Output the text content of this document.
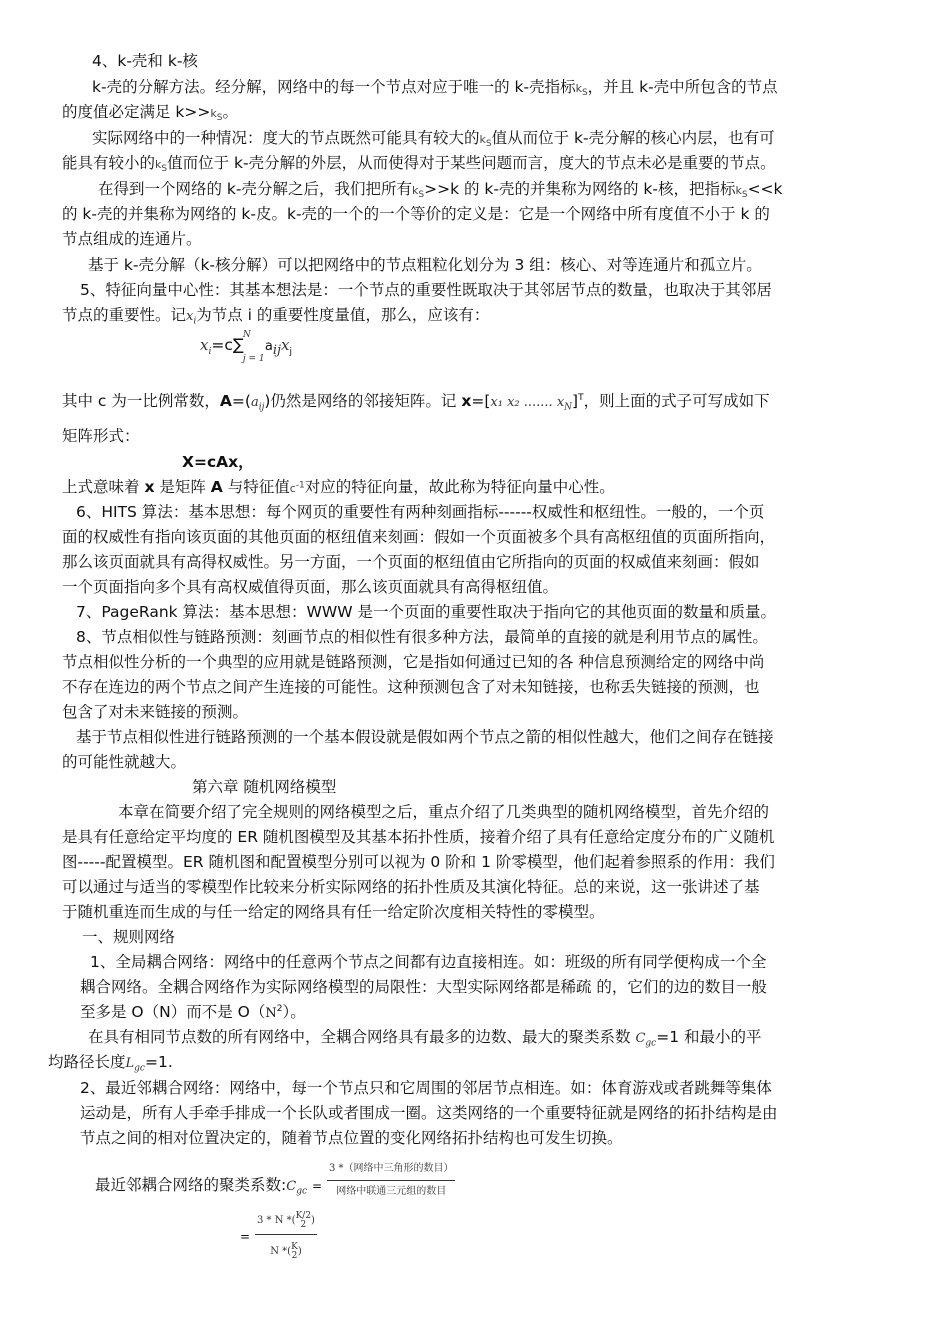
4、k-壳和 k-核
k-壳的分解方法。经分解，网络中的每一个节点对应于唯一的 k-壳指标$k_S$，并且 k-壳中所包含的节点
的度值必定满足 $k>>k_S$。
实际网络中的一种情况：度大的节点既然可能具有较大的$k_S$值从而位于 k-壳分解的核心内层，也有可
能具有较小的$k_S$值而位于 k-壳分解的外层，从而使得对于某些问题而言，度大的节点未必是重要的节点。
在得到一个网络的 k-壳分解之后，我们把所有$k_S>>k$ 的 k-壳的并集称为网络的 k-核，把指标$k_S<<k$
的 k-壳的并集称为网络的 k-皮。k-壳的一个的一个等价的定义是：它是一个网络中所有度值不小于 k 的
节点组成的连通片。
基于 k-壳分解（k-核分解）可以把网络中的节点粗粒化划分为 3 组：核心、对等连通片和孤立片。
5、特征向量中心性：其基本想法是：一个节点的重要性既取决于其邻居节点的数量，也取决于其邻居
节点的重要性。记$x_i$为节点 i 的重要性度量值，那么，应该有：
$x_i=c\sum$ N
j = 1
$a_{ij}x_j$
其中 c 为一比例常数，$A=(a_{ij})$仍然是网络的邻接矩阵。记 x=[x₁ x₂ ....... $x_N]^T$，则上面的式子可写成如下
矩阵形式：
X=cAx，
上式意味着 x 是矩阵 A 与特征值$c^{-1}$对应的特征向量，故此称为特征向量中心性。
6、HITS 算法：基本思想：每个网页的重要性有两种刻画指标------权威性和枢纽性。一般的，一个页
面的权威性有指向该页面的其他页面的枢纽值来刻画：假如一个页面被多个具有高枢纽值的页面所指向，
那么该页面就具有高得权威性。另一方面，一个页面的枢纽值由它所指向的页面的权威值来刻画：假如
一个页面指向多个具有高权威值得页面，那么该页面就具有高得枢纽值。
7、PageRank 算法：基本思想：WWW 是一个页面的重要性取决于指向它的其他页面的数量和质量。
8、节点相似性与链路预测：刻画节点的相似性有很多种方法，最简单的直接的就是利用节点的属性。
节点相似性分析的一个典型的应用就是链路预测，它是指如何通过已知的各 种信息预测给定的网络中尚
不存在连边的两个节点之间产生连接的可能性。这种预测包含了对未知链接，也称丢失链接的预测，也
包含了对未来链接的预测。
基于节点相似性进行链路预测的一个基本假设就是假如两个节点之箭的相似性越大，他们之间存在链接
的可能性就越大。
第六章 随机网络模型
本章在简要介绍了完全规则的网络模型之后，重点介绍了几类典型的随机网络模型，首先介绍的
是具有任意给定平均度的 ER 随机图模型及其基本拓扑性质，接着介绍了具有任意给定度分布的广义随机
图-----配置模型。ER 随机图和配置模型分别可以视为 0 阶和 1 阶零模型，他们起着参照系的作用：我们
可以通过与适当的零模型作比较来分析实际网络的拓扑性质及其演化特征。总的来说，这一张讲述了基
于随机重连而生成的与任一给定的网络具有任一给定阶次度相关特性的零模型。
一、规则网络
1、全局耦合网络：网络中的任意两个节点之间都有边直接相连。如：班级的所有同学便构成一个全
耦合网络。全耦合网络作为实际网络模型的局限性：大型实际网络都是稀疏 的，它们的边的数目一般
至多是 O（N）而不是 $O(N^2)$。
在具有相同节点数的所有网络中，全耦合网络具有最多的边数、最大的聚类系数 $C_{gc}=1$ 和最小的平
均路径长度$L_{gc}=1$.
2、最近邻耦合网络：网络中，每一个节点只和它周围的邻居节点相连。如：体育游戏或者跳舞等集体
运动是，所有人手牵手排成一个长队或者围成一圈。这类网络的一个重要特征就是网络的拓扑结构是由
节点之间的相对位置决定的，随着节点位置的变化网络拓扑结构也可发生切换。
最近邻耦合网络的聚类系数$:C_{gc} = \frac{\text{3 *（网络中三角形的数目）}}{\text{网络中联通三元组的数目}}$
= 3 * N *( K/2
2 )
N *( K
2 )
